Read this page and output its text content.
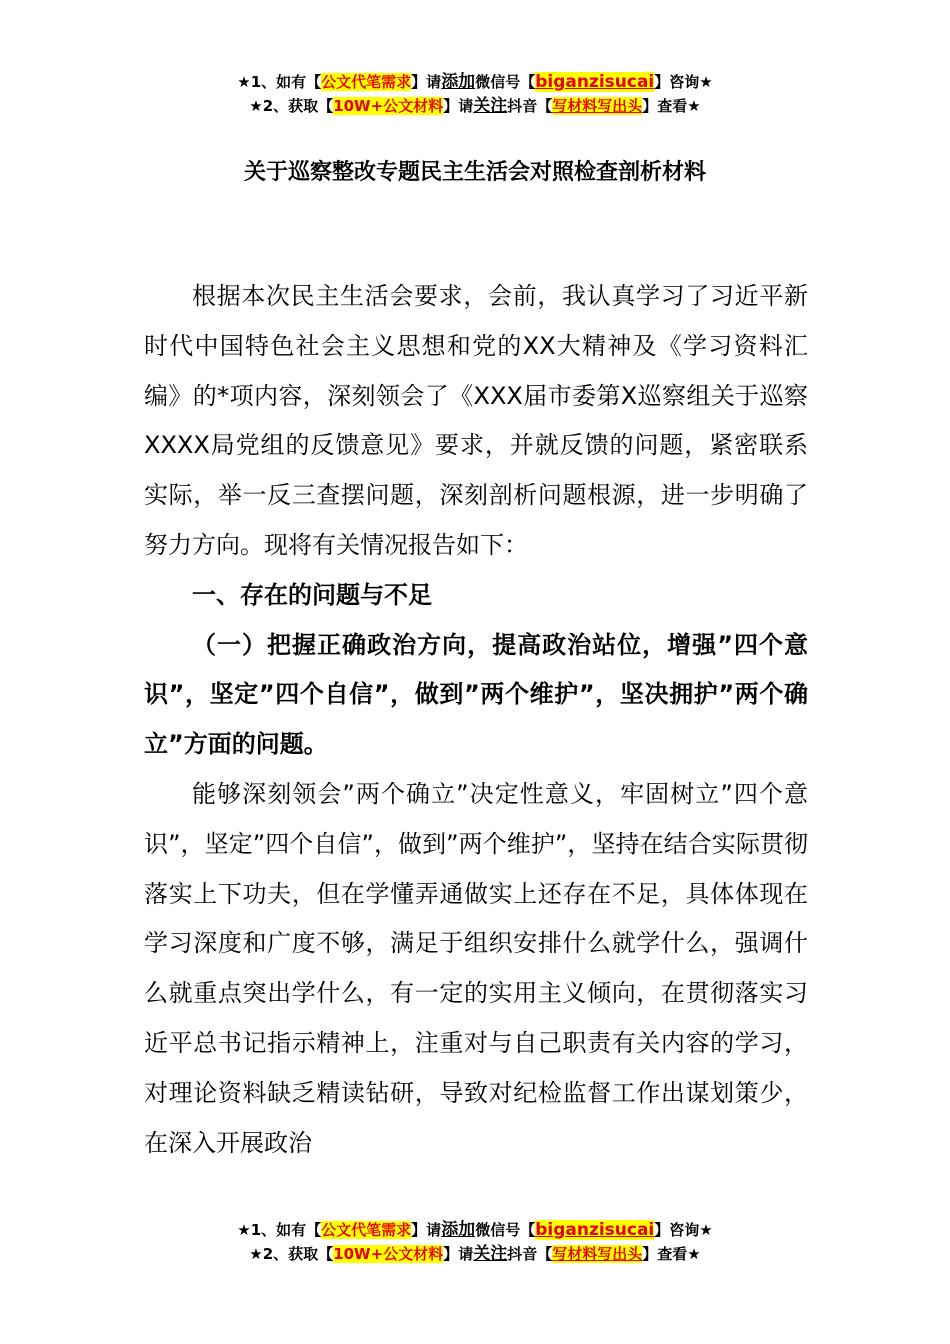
★1、如有【公文代笔需求】请添加微信号【biganzisucai】咨询★
★2、获取【10W+公文材料】请关注抖音【写材料写出头】查看★
关于巡察整改专题民主生活会对照检查剖析材料

根据本次民主生活会要求，会前，我认真学习了习近平新时代中国特色社会主义思想和党的XX大精神及《学习资料汇编》的*项内容，深刻领会了《XXX届市委第X巡察组关于巡察XXXX局党组的反馈意见》要求，并就反馈的问题，紧密联系实际，举一反三查摆问题，深刻剖析问题根源，进一步明确了努力方向。现将有关情况报告如下：

一、存在的问题与不足

（一）把握正确政治方向，提高政治站位，增强”四个意识”，坚定”四个自信”，做到”两个维护”，坚决拥护”两个确立”方面的问题。

能够深刻领会”两个确立”决定性意义，牢固树立”四个意识”，坚定”四个自信”，做到”两个维护”，坚持在结合实际贯彻落实上下功夫，但在学懂弄通做实上还存在不足，具体体现在学习深度和广度不够，满足于组织安排什么就学什么，强调什么就重点突出学什么，有一定的实用主义倾向，在贯彻落实习近平总书记指示精神上，注重对与自己职责有关内容的学习，对理论资料缺乏精读钻研，导致对纪检监督工作出谋划策少，在深入开展政治

★1、如有【公文代笔需求】请添加微信号【biganzisucai】咨询★
★2、获取【10W+公文材料】请关注抖音【写材料写出头】查看★
